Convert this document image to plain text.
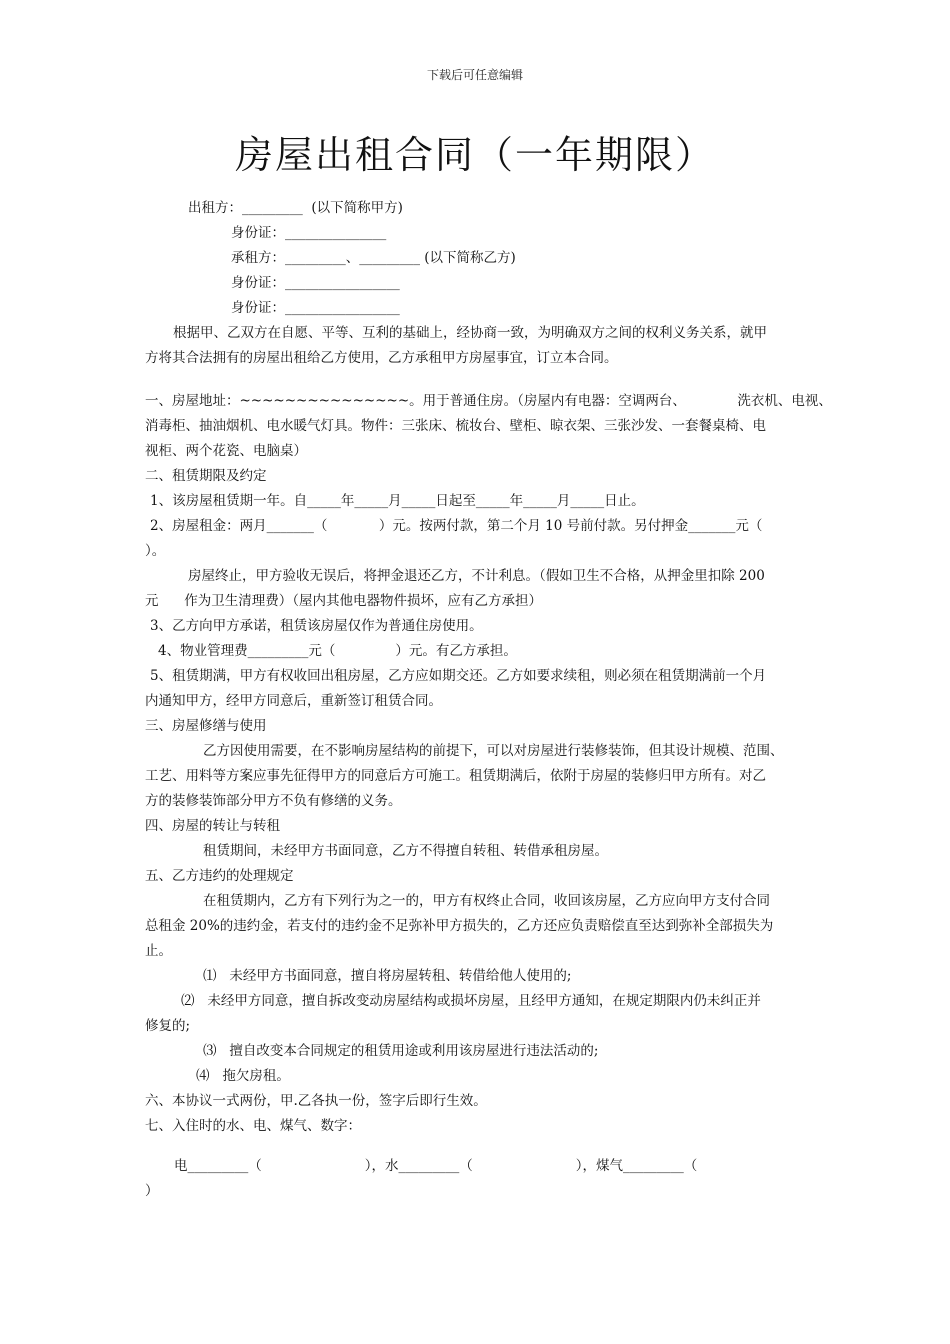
下载后可任意编辑
房屋出租合同（一年期限）
出租方：_________  (以下简称甲方)
身份证：_______________
承租方：_________、_________ (以下简称乙方)
身份证：_________________
身份证：_________________
根据甲、乙双方在自愿、平等、互利的基础上，经协商一致，为明确双方之间的权利义务关系，就甲
方将其合法拥有的房屋出租给乙方使用，乙方承租甲方房屋事宜，订立本合同。
一、房屋地址：~~~~~~~~~~~~~~~。用于普通住房。（房屋内有电器：空调两台、            洗衣机、电视、
消毒柜、抽油烟机、电水暖气灯具。物件：三张床、梳妆台、壁柜、晾衣架、三张沙发、一套餐桌椅、电
视柜、两个花瓷、电脑桌）
二、租赁期限及约定
1、该房屋租赁期一年。自_____年_____月_____日起至_____年_____月_____日止。
2、房屋租金：两月_______（            ）元。按两付款，第二个月 10 号前付款。另付押金_______元（
）。
房屋终止，甲方验收无误后，将押金退还乙方，不计利息。（假如卫生不合格，从押金里扣除 200
元      作为卫生清理费）（屋内其他电器物件损坏，应有乙方承担）
3、乙方向甲方承诺，租赁该房屋仅作为普通住房使用。
4、物业管理费_________元（              ）元。有乙方承担。
5、租赁期满，甲方有权收回出租房屋，乙方应如期交还。乙方如要求续租，则必须在租赁期满前一个月
内通知甲方，经甲方同意后，重新签订租赁合同。
三、房屋修缮与使用
乙方因使用需要，在不影响房屋结构的前提下，可以对房屋进行装修装饰，但其设计规模、范围、
工艺、用料等方案应事先征得甲方的同意后方可施工。租赁期满后，依附于房屋的装修归甲方所有。对乙
方的装修装饰部分甲方不负有修缮的义务。
四、房屋的转让与转租
租赁期间，未经甲方书面同意，乙方不得擅自转租、转借承租房屋。
五、乙方违约的处理规定
在租赁期内，乙方有下列行为之一的，甲方有权终止合同，收回该房屋，乙方应向甲方支付合同
总租金 20%的违约金，若支付的违约金不足弥补甲方损失的，乙方还应负责赔偿直至达到弥补全部损失为
止。
⑴   未经甲方书面同意，擅自将房屋转租、转借给他人使用的;
⑵   未经甲方同意，擅自拆改变动房屋结构或损坏房屋，且经甲方通知，在规定期限内仍未纠正并
修复的;
⑶   擅自改变本合同规定的租赁用途或利用该房屋进行违法活动的;
⑷   拖欠房租。
六、本协议一式两份，甲.乙各执一份，签字后即行生效。
七、入住时的水、电、煤气、数字：
电_________（                        ），水_________（                        ），煤气_________（
）
